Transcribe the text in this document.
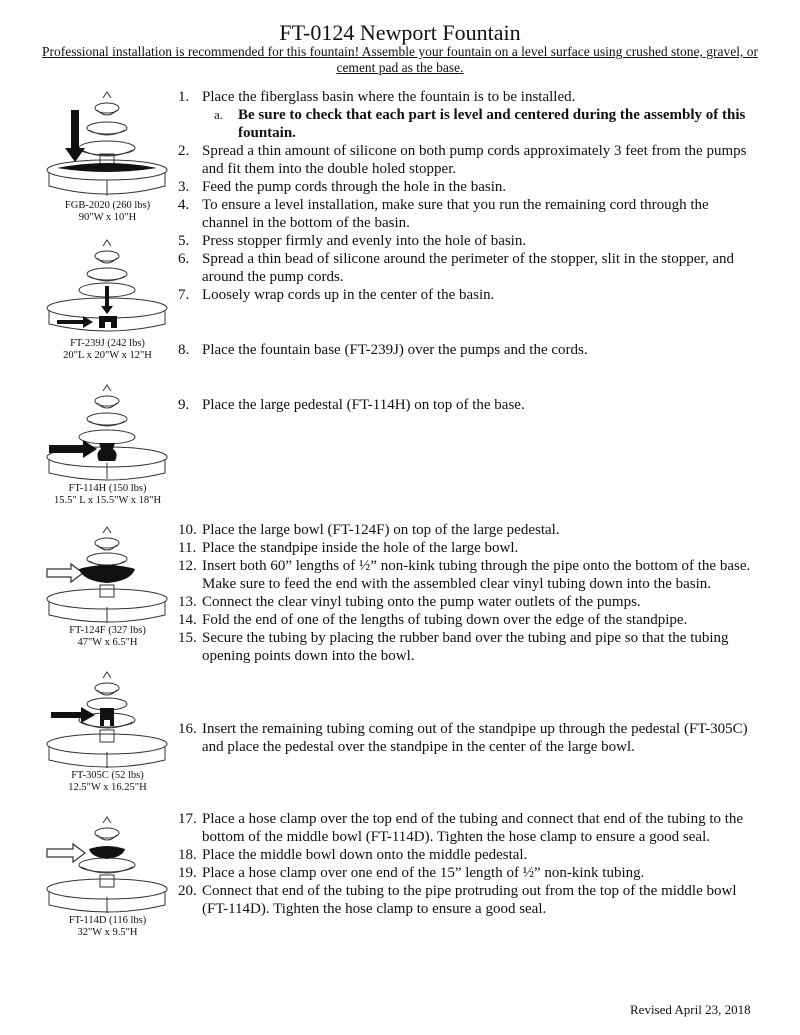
FT-0124 Newport Fountain
Professional installation is recommended for this fountain! Assemble your fountain on a level surface using crushed stone, gravel, or cement pad as the base.
FGB-2020 (260 lbs)
90"W x 10"H
FT-239J (242 lbs)
20"L x 20"W x 12"H
FT-114H (150 lbs)
15.5" L x 15.5"W x 18"H
FT-124F (327 lbs)
47"W x 6.5"H
FT-305C (52 lbs)
12.5"W x 16.25"H
FT-114D (116 lbs)
32"W x 9.5"H
1. Place the fiberglass basin where the fountain is to be installed.
a. Be sure to check that each part is level and centered during the assembly of this fountain.
2. Spread a thin amount of silicone on both pump cords approximately 3 feet from the pumps and fit them into the double holed stopper.
3. Feed the pump cords through the hole in the basin.
4. To ensure a level installation, make sure that you run the remaining cord through the channel in the bottom of the basin.
5. Press stopper firmly and evenly into the hole of basin.
6. Spread a thin bead of silicone around the perimeter of the stopper, slit in the stopper, and around the pump cords.
7. Loosely wrap cords up in the center of the basin.
8. Place the fountain base (FT-239J) over the pumps and the cords.
9. Place the large pedestal (FT-114H) on top of the base.
10. Place the large bowl (FT-124F) on top of the large pedestal.
11. Place the standpipe inside the hole of the large bowl.
12. Insert both 60” lengths of ½” non-kink tubing through the pipe onto the bottom of the base. Make sure to feed the end with the assembled clear vinyl tubing down into the basin.
13. Connect the clear vinyl tubing onto the pump water outlets of the pumps.
14. Fold the end of one of the lengths of tubing down over the edge of the standpipe.
15. Secure the tubing by placing the rubber band over the tubing and pipe so that the tubing opening points down into the bowl.
16. Insert the remaining tubing coming out of the standpipe up through the pedestal (FT-305C) and place the pedestal over the standpipe in the center of the large bowl.
17. Place a hose clamp over the top end of the tubing and connect that end of the tubing to the bottom of the middle bowl (FT-114D). Tighten the hose clamp to ensure a good seal.
18. Place the middle bowl down onto the middle pedestal.
19. Place a hose clamp over one end of the 15” length of ½” non-kink tubing.
20. Connect that end of the tubing to the pipe protruding out from the top of the middle bowl (FT-114D). Tighten the hose clamp to ensure a good seal.
Revised April 23, 2018
